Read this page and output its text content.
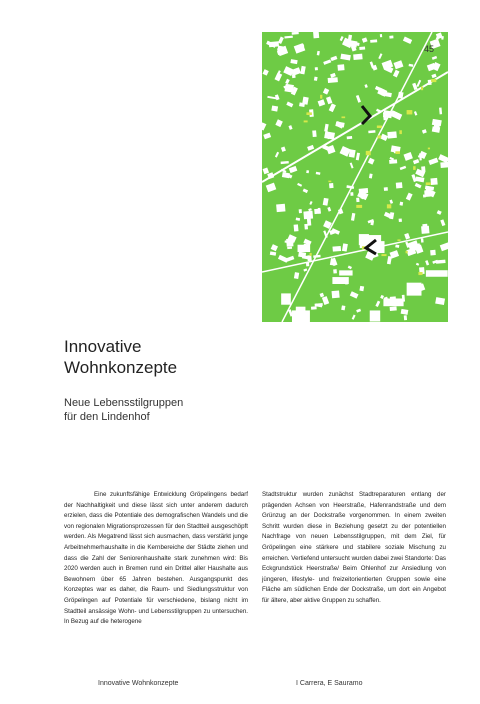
45
Innovative
Wohnkonzepte
Neue Lebensstilgruppen
für den Lindenhof

Eine zukunftsfähige Entwicklung Gröpelingens bedarf der Nachhaltigkeit und diese lässt sich unter anderem dadurch erzielen, dass die Potentiale des demografischen Wandels und die von regionalen Migrationsprozessen für den Stadtteil ausgeschöpft werden. Als Megatrend lässt sich ausmachen, dass verstärkt junge Arbeitnehmerhaushalte in die Kernbereiche der Städte ziehen und dass die Zahl der Seniorenhaushalte stark zunehmen wird: Bis 2020 werden auch in Bremen rund ein Drittel aller Haushalte aus Bewohnern über 65 Jahren bestehen. Ausgangspunkt des Konzeptes war es daher, die Raum- und Siedlungsstruktur von Gröpelingen auf Potentiale für verschiedene, bislang nicht im Stadtteil ansässige Wohn- und Lebensstilgruppen zu untersuchen. In Bezug auf die heterogene

Stadtstruktur wurden zunächst Stadtreparaturen entlang der prägenden Achsen von Heerstraße, Hafenrandstraße und dem Grünzug an der Dockstraße vorgenommen. In einem zweiten Schritt wurden diese in Beziehung gesetzt zu der potentiellen Nachfrage von neuen Lebensstilgruppen, mit dem Ziel, für Gröpelingen eine stärkere und stabilere soziale Mischung zu erreichen. Vertiefend untersucht wurden dabei zwei Standorte: Das Eckgrundstück Heerstraße/ Beim Ohlenhof zur Ansiedlung von jüngeren, lifestyle- und freizeitorientierten Gruppen sowie eine Fläche am südlichen Ende der Dockstraße, um dort ein Angebot für ältere, aber aktive Gruppen zu schaffen.

Innovative Wohnkonzepte	I Carrera, E Sauramo
